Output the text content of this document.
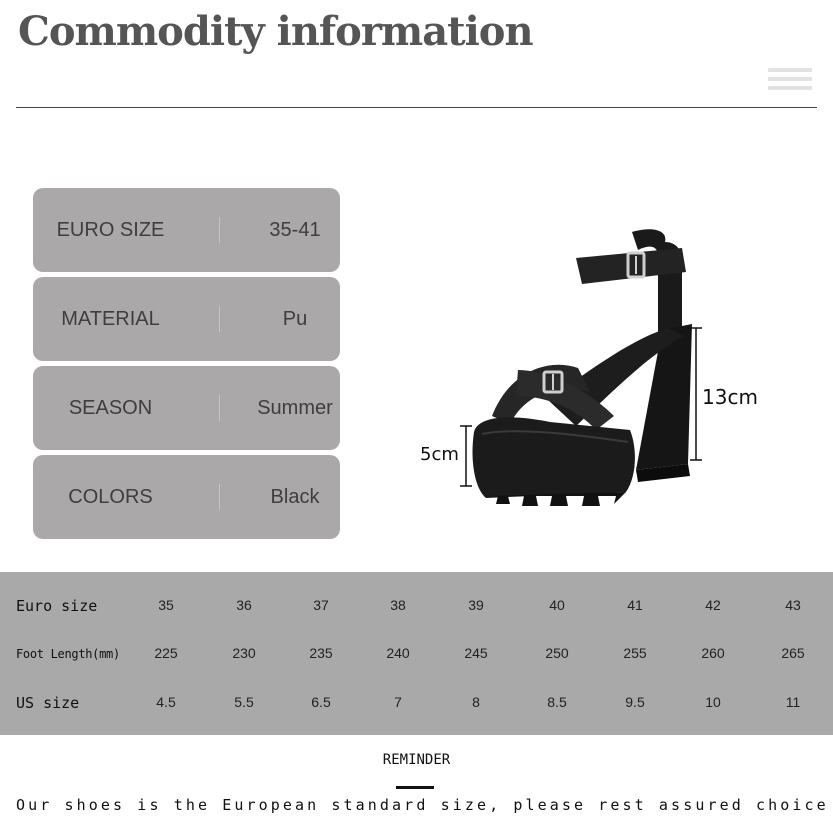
Commodity information
EURO SIZE	35-41
MATERIAL	Pu
SEASON	Summer
COLORS	Black
13cm
5cm
Euro size	35	36	37	38	39	40	41	42	43
Foot Length(mm)	225	230	235	240	245	250	255	260	265
US size	4.5	5.5	6.5	7	8	8.5	9.5	10	11
REMINDER
Our shoes is the European standard size, please rest assured choice
